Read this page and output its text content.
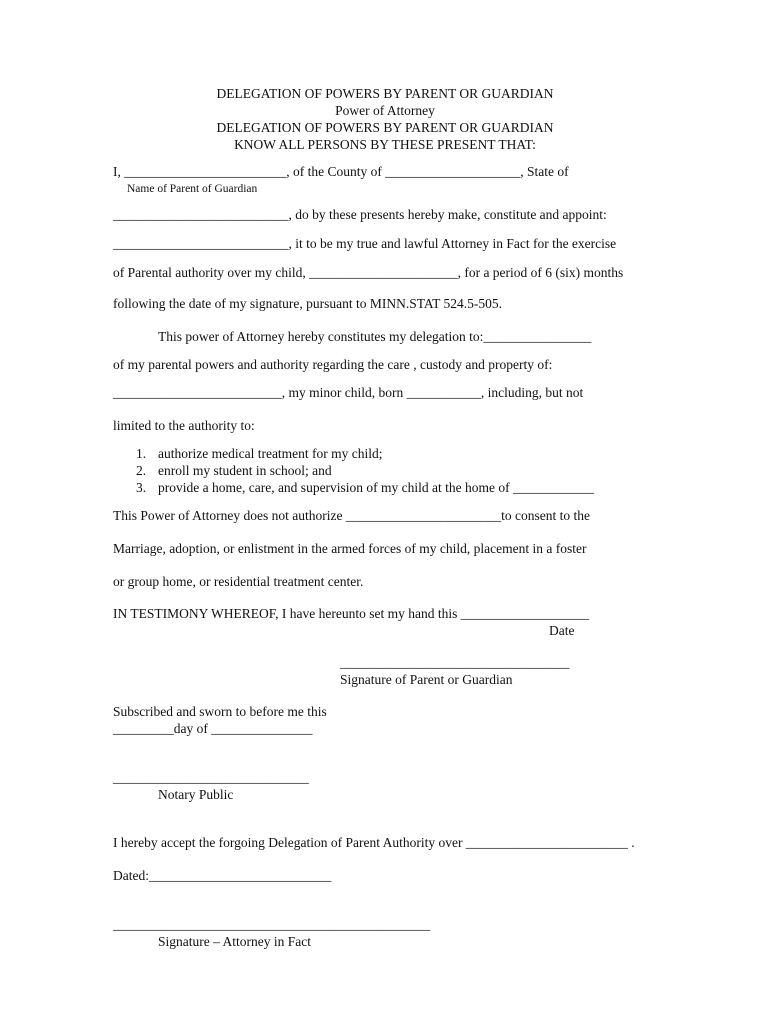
DELEGATION OF POWERS BY PARENT OR GUARDIAN
Power of Attorney
DELEGATION OF POWERS BY PARENT OR GUARDIAN
KNOW ALL PERSONS BY THESE PRESENT THAT:
I, ________________________, of the County of ____________________, State of
Name of Parent of Guardian
__________________________, do by these presents hereby make, constitute and appoint:
__________________________, it to be my true and lawful Attorney in Fact for the exercise
of Parental authority over my child, ______________________, for a period of 6 (six) months
following the date of my signature, pursuant to MINN.STAT 524.5-505.
This power of Attorney hereby constitutes my delegation to:________________
of my parental powers and authority regarding the care , custody and property of:
_________________________, my minor child, born ___________, including, but not
limited to the authority to:
1. authorize medical treatment for my child;
2. enroll my student in school; and
3. provide a home, care, and supervision of my child at the home of ____________
This Power of Attorney does not authorize _______________________to consent to the
Marriage, adoption, or enlistment in the armed forces of my child, placement in a foster
or group home, or residential treatment center.
IN TESTIMONY WHEREOF, I have hereunto set my hand this ___________________
Date
__________________________________
Signature of Parent or Guardian
Subscribed and sworn to before me this
_________day of _______________
_____________________________
Notary Public
I hereby accept the forgoing Delegation of Parent Authority over ________________________ .
Dated:___________________________
_______________________________________________
Signature – Attorney in Fact
